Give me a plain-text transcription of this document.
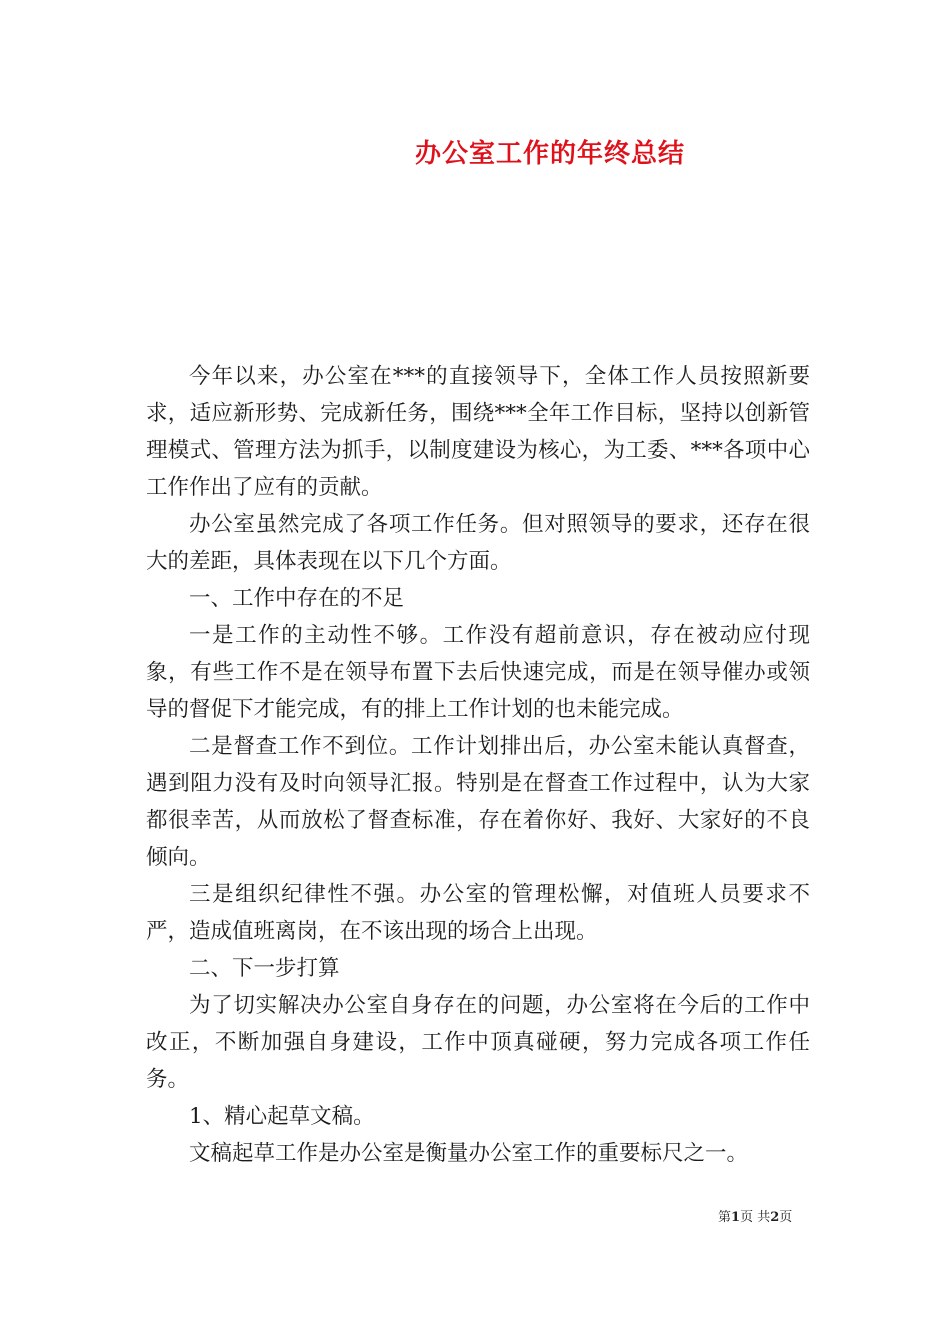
办公室工作的年终总结

今年以来，办公室在***的直接领导下，全体工作人员按照新要求，适应新形势、完成新任务，围绕***全年工作目标，坚持以创新管理模式、管理方法为抓手，以制度建设为核心，为工委、***各项中心工作作出了应有的贡献。

办公室虽然完成了各项工作任务。但对照领导的要求，还存在很大的差距，具体表现在以下几个方面。

一、工作中存在的不足

一是工作的主动性不够。工作没有超前意识，存在被动应付现象，有些工作不是在领导布置下去后快速完成，而是在领导催办或领导的督促下才能完成，有的排上工作计划的也未能完成。

二是督查工作不到位。工作计划排出后，办公室未能认真督查，遇到阻力没有及时向领导汇报。特别是在督查工作过程中，认为大家都很幸苦，从而放松了督查标准，存在着你好、我好、大家好的不良倾向。

三是组织纪律性不强。办公室的管理松懈，对值班人员要求不严，造成值班离岗，在不该出现的场合上出现。

二、下一步打算

为了切实解决办公室自身存在的问题，办公室将在今后的工作中改正，不断加强自身建设，工作中顶真碰硬，努力完成各项工作任务。

1、精心起草文稿。

文稿起草工作是办公室是衡量办公室工作的重要标尺之一。

第1页 共2页
